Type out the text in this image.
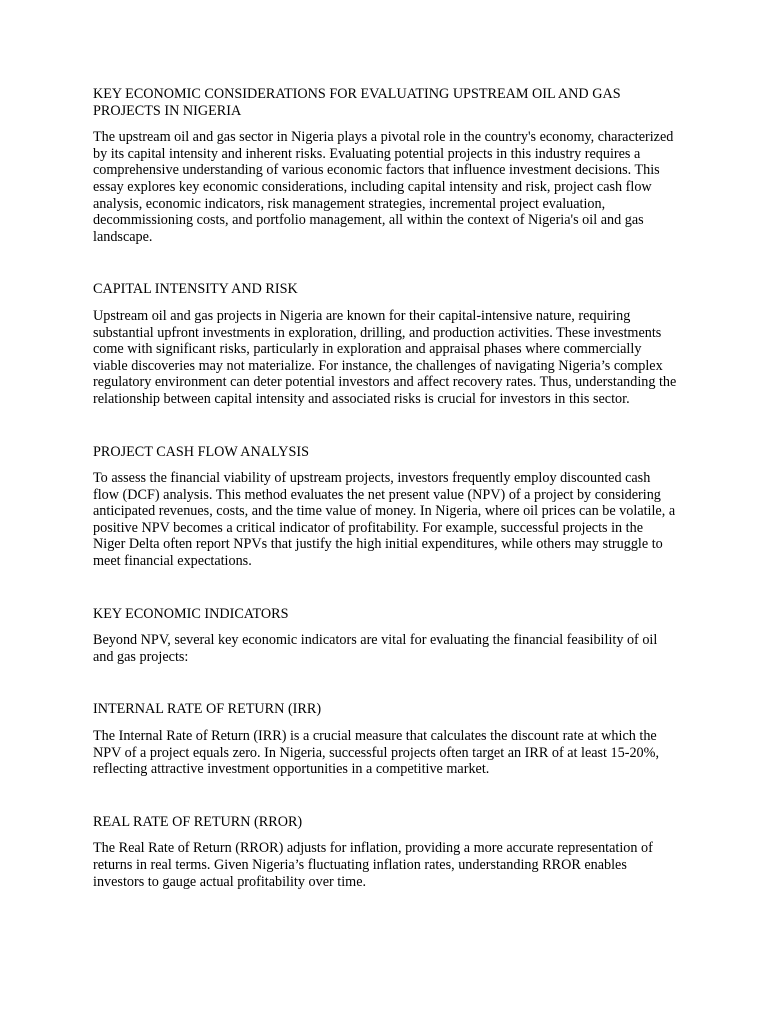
KEY ECONOMIC CONSIDERATIONS FOR EVALUATING UPSTREAM OIL AND GAS PROJECTS IN NIGERIA

The upstream oil and gas sector in Nigeria plays a pivotal role in the country's economy, characterized by its capital intensity and inherent risks. Evaluating potential projects in this industry requires a comprehensive understanding of various economic factors that influence investment decisions. This essay explores key economic considerations, including capital intensity and risk, project cash flow analysis, economic indicators, risk management strategies, incremental project evaluation, decommissioning costs, and portfolio management, all within the context of Nigeria's oil and gas landscape.

CAPITAL INTENSITY AND RISK

Upstream oil and gas projects in Nigeria are known for their capital-intensive nature, requiring substantial upfront investments in exploration, drilling, and production activities. These investments come with significant risks, particularly in exploration and appraisal phases where commercially viable discoveries may not materialize. For instance, the challenges of navigating Nigeria’s complex regulatory environment can deter potential investors and affect recovery rates. Thus, understanding the relationship between capital intensity and associated risks is crucial for investors in this sector.

PROJECT CASH FLOW ANALYSIS

To assess the financial viability of upstream projects, investors frequently employ discounted cash flow (DCF) analysis. This method evaluates the net present value (NPV) of a project by considering anticipated revenues, costs, and the time value of money. In Nigeria, where oil prices can be volatile, a positive NPV becomes a critical indicator of profitability. For example, successful projects in the Niger Delta often report NPVs that justify the high initial expenditures, while others may struggle to meet financial expectations.

KEY ECONOMIC INDICATORS

Beyond NPV, several key economic indicators are vital for evaluating the financial feasibility of oil and gas projects:

INTERNAL RATE OF RETURN (IRR)

The Internal Rate of Return (IRR) is a crucial measure that calculates the discount rate at which the NPV of a project equals zero. In Nigeria, successful projects often target an IRR of at least 15-20%, reflecting attractive investment opportunities in a competitive market.

REAL RATE OF RETURN (RROR)

The Real Rate of Return (RROR) adjusts for inflation, providing a more accurate representation of returns in real terms. Given Nigeria’s fluctuating inflation rates, understanding RROR enables investors to gauge actual profitability over time.
